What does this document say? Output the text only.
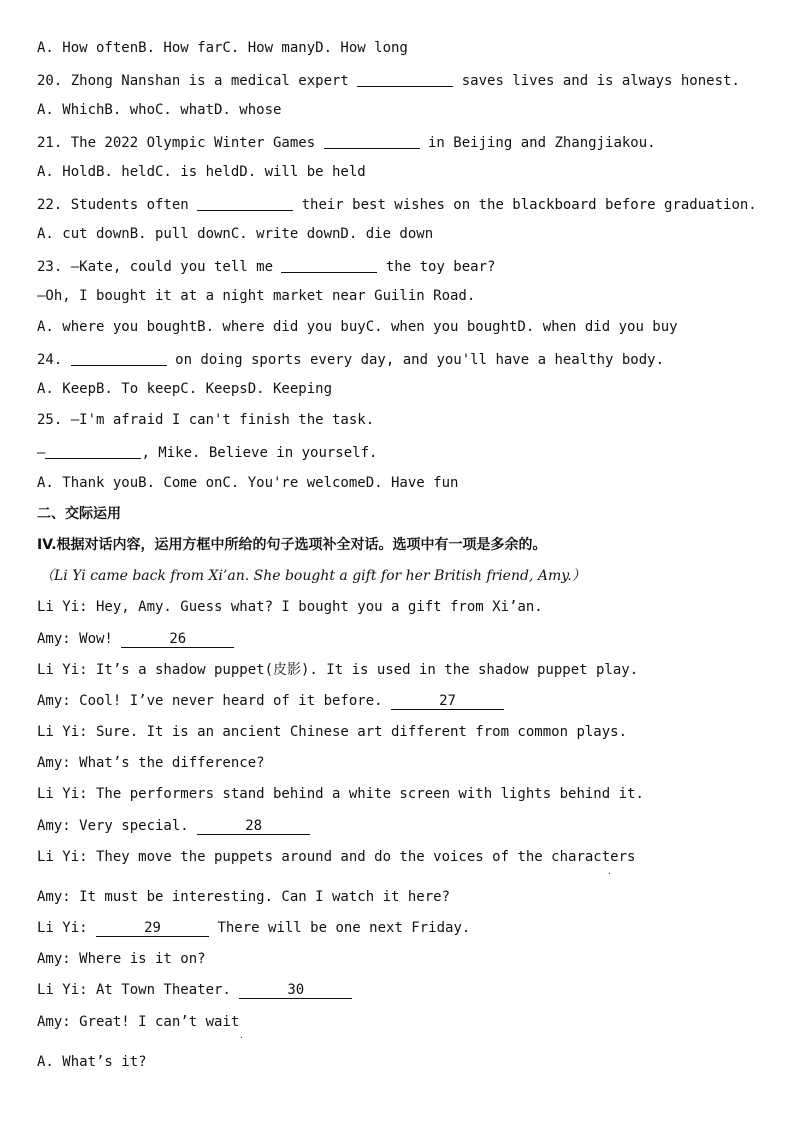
A. How oftenB. How farC. How manyD. How long
20. Zhong Nanshan is a medical expert	saves lives and is always honest.
A. WhichB. whoC. whatD. whose
21. The 2022 Olympic Winter Games	in Beijing and Zhangjiakou.
A. HoldB. heldC. is heldD. will be held
22. Students often	their best wishes on the blackboard before graduation.
A. cut downB. pull downC. write downD. die down
23. —Kate, could you tell me	the toy bear?
—Oh, I bought it at a night market near Guilin Road.
A. where you boughtB. where did you buyC. when you boughtD. when did you buy
24.	on doing sports every day, and you'll have a healthy body.
A. KeepB. To keepC. KeepsD. Keeping
25. —I'm afraid I can't finish the task.
—	, Mike. Believe in yourself.
A. Thank youB. Come onC. You're welcomeD. Have fun
二、交际运用
IV.根据对话内容，运用方框中所给的句子选项补全对话。选项中有一项是多余的。
（Li Yi came back from Xi’an. She bought a gift for her British friend, Amy.）
Li Yi: Hey, Amy. Guess what? I bought you a gift from Xi’an.
Amy: Wow!	26
Li Yi: It’s a shadow puppet(皮影). It is used in the shadow puppet play.
Amy: Cool! I’ve never heard of it before.	27
Li Yi: Sure. It is an ancient Chinese art different from common plays.
Amy: What’s the difference?
Li Yi: The performers stand behind a white screen with lights behind it.
Amy: Very special.	28
Li Yi: They move the puppets around and do the voices of the characters
.
Amy: It must be interesting. Can I watch it here?
Li Yi:	29	There will be one next Friday.
Amy: Where is it on?
Li Yi: At Town Theater.	30
Amy: Great! I can’t wait
.
A. What’s it?
